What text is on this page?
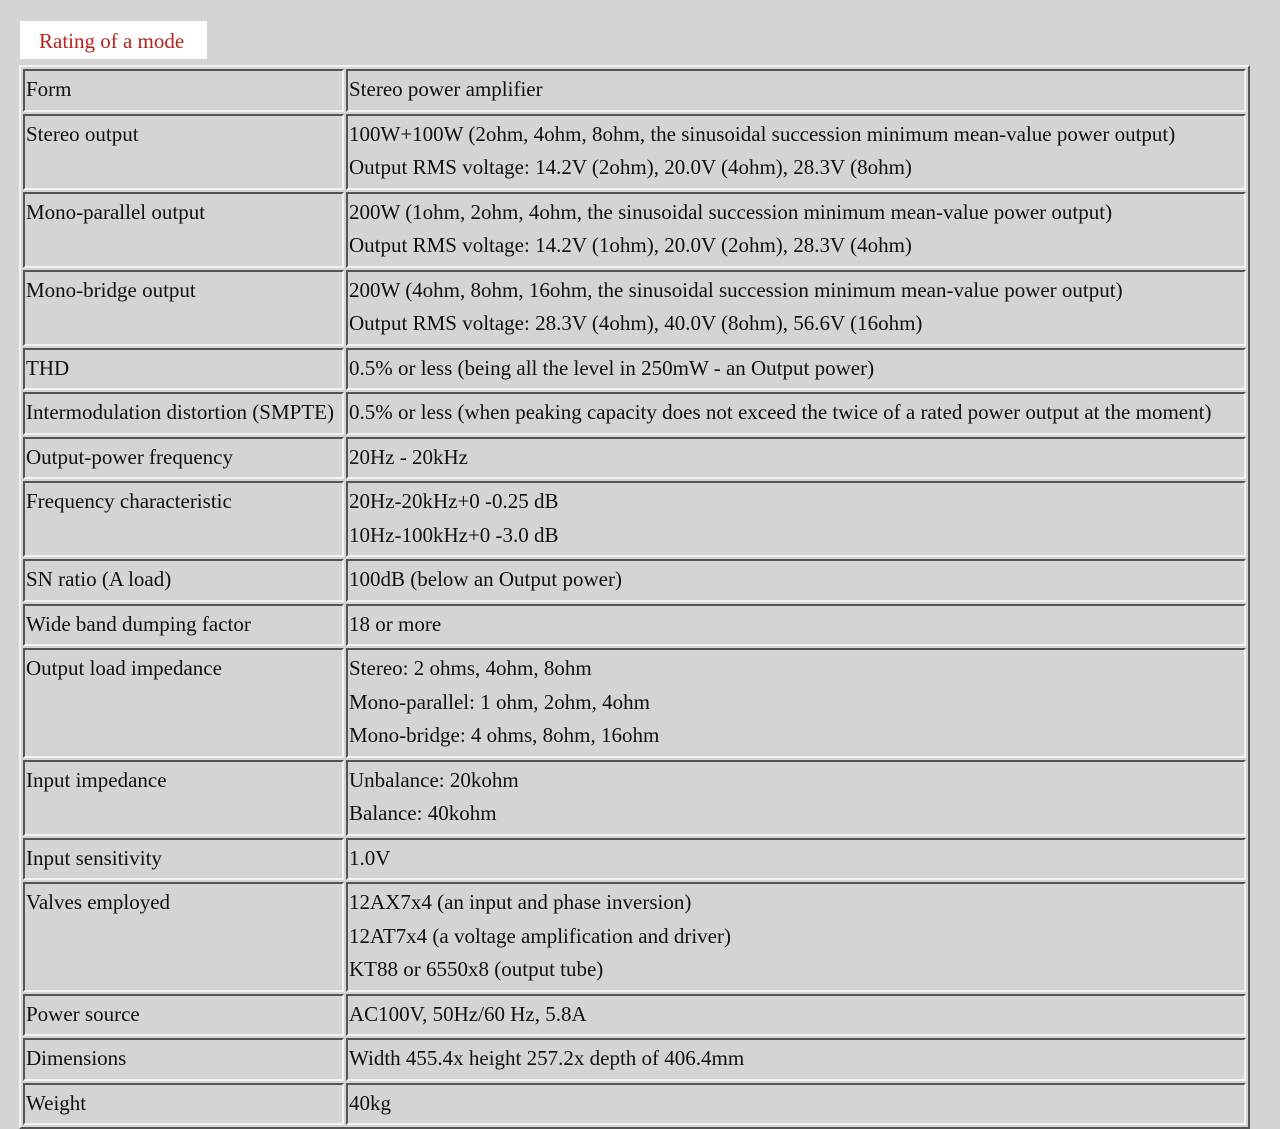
Rating of a mode
Form	Stereo power amplifier

Stereo output	100W+100W (2ohm, 4ohm, 8ohm, the sinusoidal succession minimum mean-value power output)
Output RMS voltage: 14.2V (2ohm), 20.0V (4ohm), 28.3V (8ohm)

Mono-parallel output	200W (1ohm, 2ohm, 4ohm, the sinusoidal succession minimum mean-value power output)
Output RMS voltage: 14.2V (1ohm), 20.0V (2ohm), 28.3V (4ohm)

Mono-bridge output	200W (4ohm, 8ohm, 16ohm, the sinusoidal succession minimum mean-value power output)
Output RMS voltage: 28.3V (4ohm), 40.0V (8ohm), 56.6V (16ohm)

THD	0.5% or less (being all the level in 250mW - an Output power)

Intermodulation distortion (SMPTE)	0.5% or less (when peaking capacity does not exceed the twice of a rated power output at the moment)

Output-power frequency	20Hz - 20kHz

Frequency characteristic	20Hz-20kHz+0 -0.25 dB
10Hz-100kHz+0 -3.0 dB

SN ratio (A load)	100dB (below an Output power)

Wide band dumping factor	18 or more

Output load impedance	Stereo: 2 ohms, 4ohm, 8ohm
Mono-parallel: 1 ohm, 2ohm, 4ohm
Mono-bridge: 4 ohms, 8ohm, 16ohm

Input impedance	Unbalance: 20kohm
Balance: 40kohm

Input sensitivity	1.0V

Valves employed	12AX7x4 (an input and phase inversion)
12AT7x4 (a voltage amplification and driver)
KT88 or 6550x8 (output tube)

Power source	AC100V, 50Hz/60 Hz, 5.8A

Dimensions	Width 455.4x height 257.2x depth of 406.4mm

Weight	40kg
